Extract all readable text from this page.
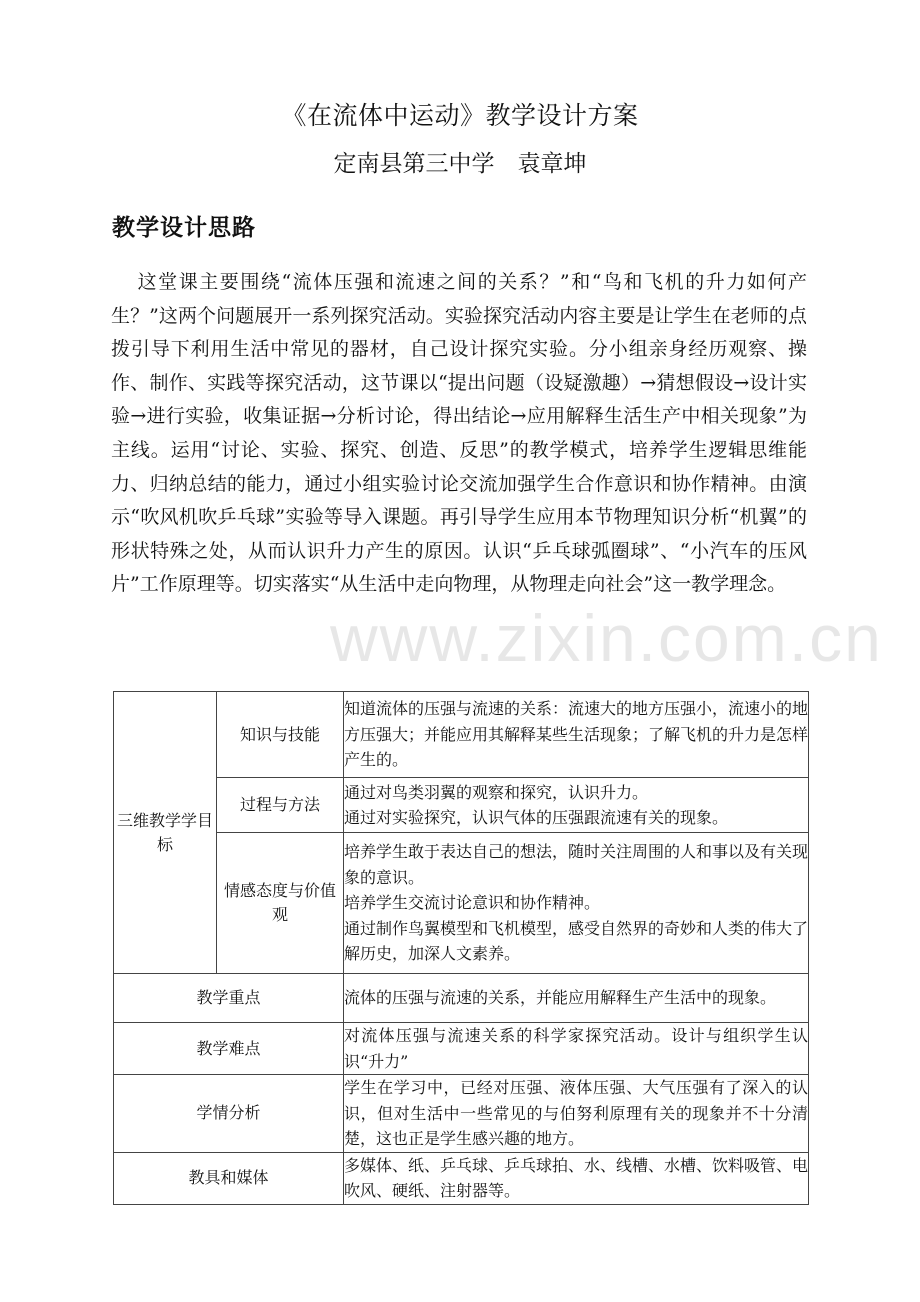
《在流体中运动》教学设计方案
定南县第三中学　袁章坤
教学设计思路

这堂课主要围绕“流体压强和流速之间的关系？”和“鸟和飞机的升力如何产生？”这两个问题展开一系列探究活动。实验探究活动内容主要是让学生在老师的点拨引导下利用生活中常见的器材，自己设计探究实验。分小组亲身经历观察、操作、制作、实践等探究活动，这节课以“提出问题（设疑激趣）→猜想假设→设计实验→进行实验，收集证据→分析讨论，得出结论→应用解释生活生产中相关现象”为主线。运用“讨论、实验、探究、创造、反思”的教学模式，培养学生逻辑思维能力、归纳总结的能力，通过小组实验讨论交流加强学生合作意识和协作精神。由演示“吹风机吹乒乓球”实验等导入课题。再引导学生应用本节物理知识分析“机翼”的形状特殊之处，从而认识升力产生的原因。认识“乒乓球弧圈球”、“小汽车的压风片”工作原理等。切实落实“从生活中走向物理，从物理走向社会”这一教学理念。

www.zixin.com.cn
三维教学学目标	知识与技能	知道流体的压强与流速的关系：流速大的地方压强小，流速小的地方压强大；并能应用其解释某些生活现象；了解飞机的升力是怎样产生的。

	过程与方法	通过对鸟类羽翼的观察和探究，认识升力。

通过对实验探究，认识气体的压强跟流速有关的现象。

	情感态度与价值观	培养学生敢于表达自己的想法，随时关注周围的人和事以及有关现象的意识。

培养学生交流讨论意识和协作精神。

通过制作鸟翼模型和飞机模型，感受自然界的奇妙和人类的伟大了解历史，加深人文素养。

教学重点		流体的压强与流速的关系，并能应用解释生产生活中的现象。

教学难点		对流体压强与流速关系的科学家探究活动。设计与组织学生认识“升力”

学情分析		学生在学习中，已经对压强、液体压强、大气压强有了深入的认识，但对生活中一些常见的与伯努利原理有关的现象并不十分清楚，这也正是学生感兴趣的地方。

教具和媒体		多媒体、纸、乒乓球、乒乓球拍、水、线槽、水槽、饮料吸管、电吹风、硬纸、注射器等。
